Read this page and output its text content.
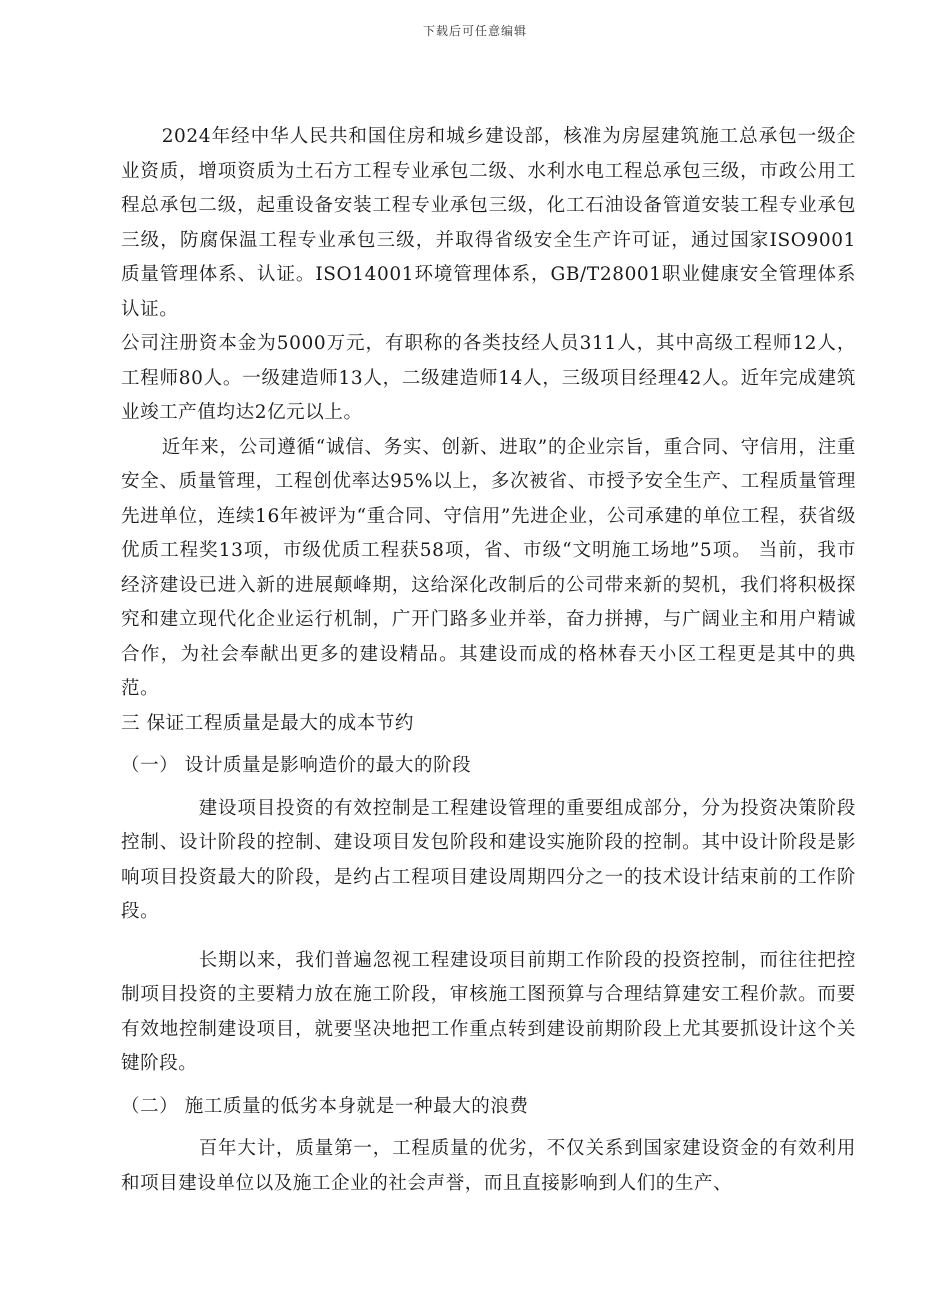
下载后可任意编辑

2024年经中华人民共和国住房和城乡建设部，核准为房屋建筑施工总承包一级企业资质，增项资质为土石方工程专业承包二级、水利水电工程总承包三级，市政公用工程总承包二级，起重设备安装工程专业承包三级，化工石油设备管道安装工程专业承包三级，防腐保温工程专业承包三级，并取得省级安全生产许可证，通过国家ISO9001质量管理体系、认证。ISO14001环境管理体系，GB/T28001职业健康安全管理体系认证。

公司注册资本金为5000万元，有职称的各类技经人员311人，其中高级工程师12人，工程师80人。一级建造师13人，二级建造师14人，三级项目经理42人。近年完成建筑业竣工产值均达2亿元以上。

近年来，公司遵循“诚信、务实、创新、进取”的企业宗旨，重合同、守信用，注重安全、质量管理，工程创优率达95%以上，多次被省、市授予安全生产、工程质量管理先进单位，连续16年被评为“重合同、守信用”先进企业，公司承建的单位工程，获省级优质工程奖13项，市级优质工程获58项，省、市级“文明施工场地”5项。 当前，我市经济建设已进入新的进展颠峰期，这给深化改制后的公司带来新的契机，我们将积极探究和建立现代化企业运行机制，广开门路多业并举，奋力拼搏，与广阔业主和用户精诚合作，为社会奉献出更多的建设精品。其建设而成的格林春天小区工程更是其中的典范。

三 保证工程质量是最大的成本节约

（一） 设计质量是影响造价的最大的阶段

建设项目投资的有效控制是工程建设管理的重要组成部分，分为投资决策阶段控制、设计阶段的控制、建设项目发包阶段和建设实施阶段的控制。其中设计阶段是影响项目投资最大的阶段，是约占工程项目建设周期四分之一的技术设计结束前的工作阶段。

长期以来，我们普遍忽视工程建设项目前期工作阶段的投资控制，而往往把控制项目投资的主要精力放在施工阶段，审核施工图预算与合理结算建安工程价款。而要有效地控制建设项目，就要坚决地把工作重点转到建设前期阶段上尤其要抓设计这个关键阶段。

（二） 施工质量的低劣本身就是一种最大的浪费

百年大计，质量第一，工程质量的优劣，不仅关系到国家建设资金的有效利用和项目建设单位以及施工企业的社会声誉，而且直接影响到人们的生产、
